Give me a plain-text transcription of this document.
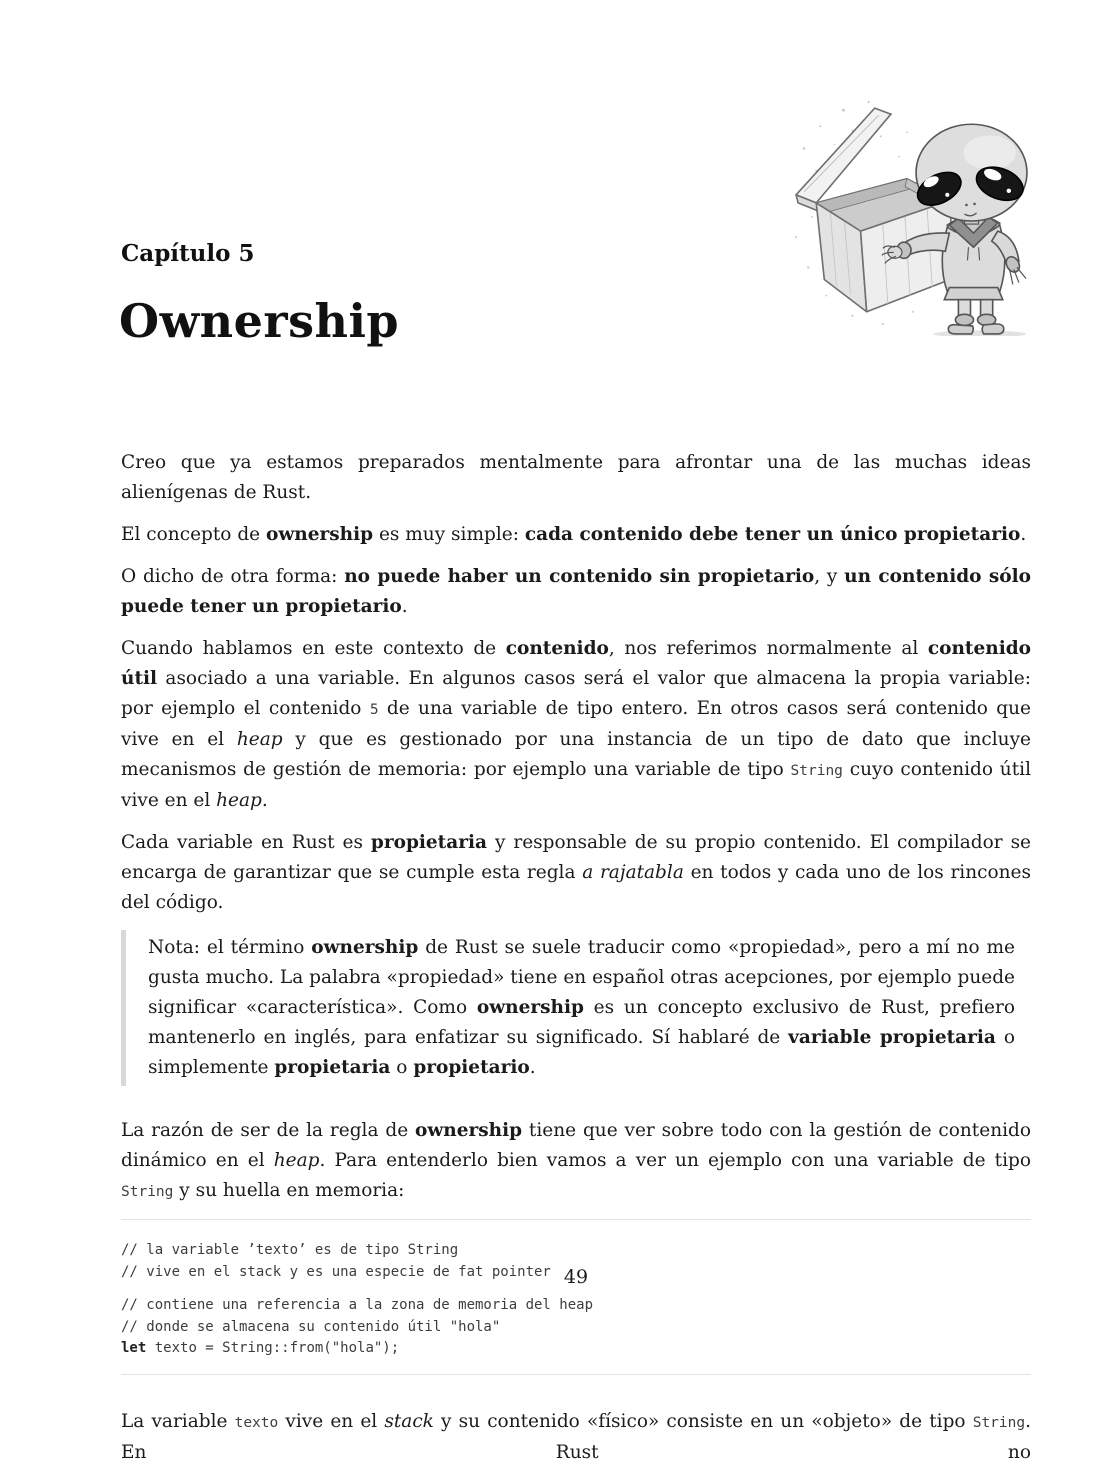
Capítulo 5
Ownership

Creo que ya estamos preparados mentalmente para afrontar una de las muchas ideas alienígenas de Rust.

El concepto de ownership es muy simple: cada contenido debe tener un único propietario.

O dicho de otra forma: no puede haber un contenido sin propietario, y un contenido sólo puede tener un propietario.

Cuando hablamos en este contexto de contenido, nos referimos normalmente al contenido útil asociado a una variable. En algunos casos será el valor que almacena la propia variable: por ejemplo el contenido 5 de una variable de tipo entero. En otros casos será contenido que vive en el heap y que es gestionado por una instancia de un tipo de dato que incluye mecanismos de gestión de memoria: por ejemplo una variable de tipo String cuyo contenido útil vive en el heap.

Cada variable en Rust es propietaria y responsable de su propio contenido. El compilador se encarga de garantizar que se cumple esta regla a rajatabla en todos y cada uno de los rincones del código.

Nota: el término ownership de Rust se suele traducir como «propiedad», pero a mí no me gusta mucho. La palabra «propiedad» tiene en español otras acepciones, por ejemplo puede significar «característica». Como ownership es un concepto exclusivo de Rust, prefiero mantenerlo en inglés, para enfatizar su significado. Sí hablaré de variable propietaria o simplemente propietaria o propietario.

La razón de ser de la regla de ownership tiene que ver sobre todo con la gestión de contenido dinámico en el heap. Para entenderlo bien vamos a ver un ejemplo con una variable de tipo String y su huella en memoria:

// la variable ’texto’ es de tipo String
// vive en el stack y es una especie de fat pointer

// contiene una referencia a la zona de memoria del heap
// donde se almacena su contenido útil "hola"
let texto = String::from("hola");

La variable texto vive en el stack y su contenido «físico» consiste en un «objeto» de tipo String. En Rust no

49
